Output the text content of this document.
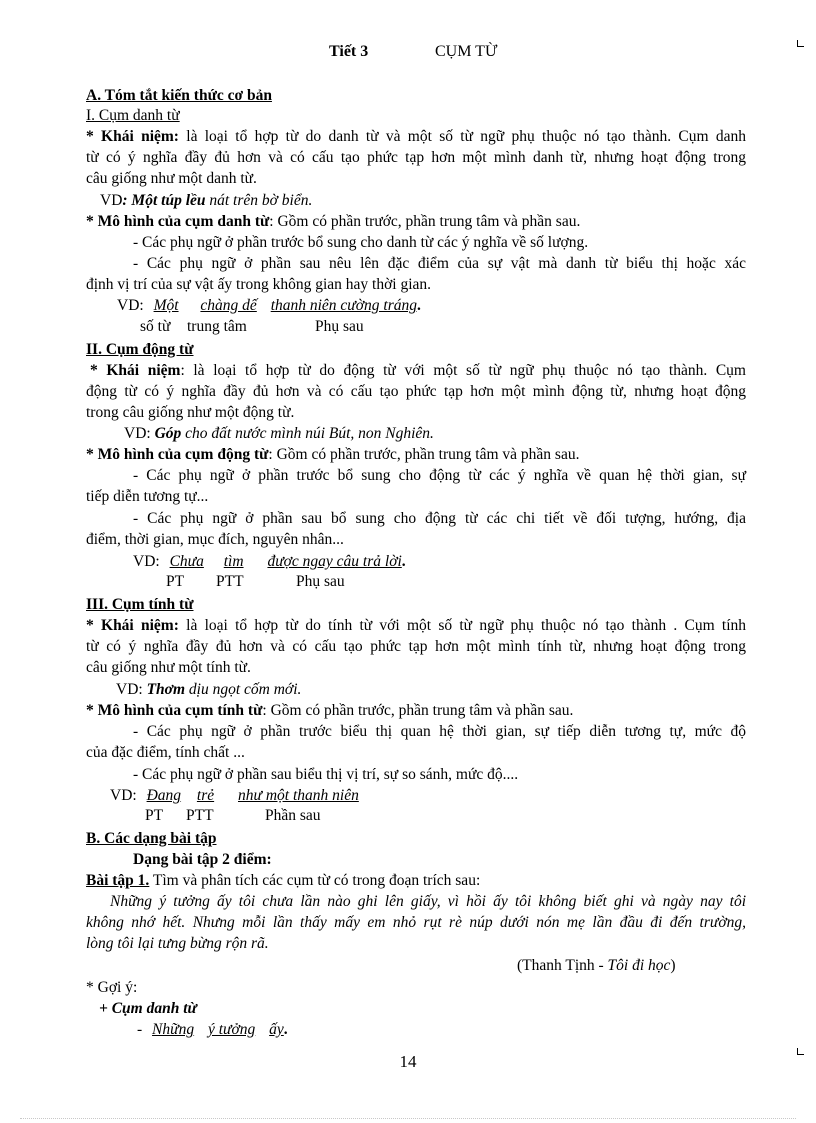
Tiết 3	CỤM TỪ
A. Tóm tắt kiến thức cơ bản
I. Cụm danh từ
* Khái niệm: là loại tổ hợp từ do danh từ và một số từ ngữ phụ thuộc nó tạo thành. Cụm danh
từ có ý nghĩa đầy đủ hơn và có cấu tạo phức tạp hơn một mình danh từ, nhưng hoạt động trong
câu giống như một danh từ.
VD: Một túp lều nát trên bờ biển.
* Mô hình của cụm danh từ: Gồm có phần trước, phần trung tâm và phần sau.
- Các phụ ngữ ở phần trước bổ sung cho danh từ các ý nghĩa về số lượng.
- Các phụ ngữ ở phần sau nêu lên đặc điểm của sự vật mà danh từ biểu thị hoặc xác
định vị trí của sự vật ấy trong không gian hay thời gian.
VD: Một chàng dế thanh niên cường tráng.
số từ trung tâm	Phụ sau
II. Cụm động từ
* Khái niệm: là loại tổ hợp từ do động từ với một số từ ngữ phụ thuộc nó tạo thành. Cụm
động từ có ý nghĩa đầy đủ hơn và có cấu tạo phức tạp hơn một mình động từ, nhưng hoạt động
trong câu giống như một động từ.
VD: Góp cho đất nước mình núi Bút, non Nghiên.
* Mô hình của cụm động từ: Gồm có phần trước, phần trung tâm và phần sau.
- Các phụ ngữ ở phần trước bổ sung cho động từ các ý nghĩa về quan hệ thời gian, sự
tiếp diễn tương tự...
- Các phụ ngữ ở phần sau bổ sung cho động từ các chi tiết về đối tượng, hướng, địa
điểm, thời gian, mục đích, nguyên nhân...
VD: Chưa tìm được ngay câu trả lời.
PT PTT	Phụ sau
III. Cụm tính từ
* Khái niệm: là loại tổ hợp từ do tính từ với một số từ ngữ phụ thuộc nó tạo thành . Cụm tính
từ có ý nghĩa đầy đủ hơn và có cấu tạo phức tạp hơn một mình tính từ, nhưng hoạt động trong
câu giống như một tính từ.
VD: Thơm dịu ngọt cốm mới.
* Mô hình của cụm tính từ: Gồm có phần trước, phần trung tâm và phần sau.
- Các phụ ngữ ở phần trước biểu thị quan hệ thời gian, sự tiếp diễn tương tự, mức độ
của đặc điểm, tính chất ...
- Các phụ ngữ ở phần sau biểu thị vị trí, sự so sánh, mức độ....
VD: Đang trẻ như một thanh niên
PT PTT	Phần sau
B. Các dạng bài tập
Dạng bài tập 2 điểm:
Bài tập 1. Tìm và phân tích các cụm từ có trong đoạn trích sau:
Những ý tưởng ấy tôi chưa lần nào ghi lên giấy, vì hồi ấy tôi không biết ghi và ngày nay tôi
không nhớ hết. Nhưng mỗi lần thấy mấy em nhỏ rụt rè núp dưới nón mẹ lần đầu đi đến trường,
lòng tôi lại tưng bừng rộn rã.
(Thanh Tịnh - Tôi đi học)
* Gợi ý:
+ Cụm danh từ
- Những ý tưởng ấy.
14
